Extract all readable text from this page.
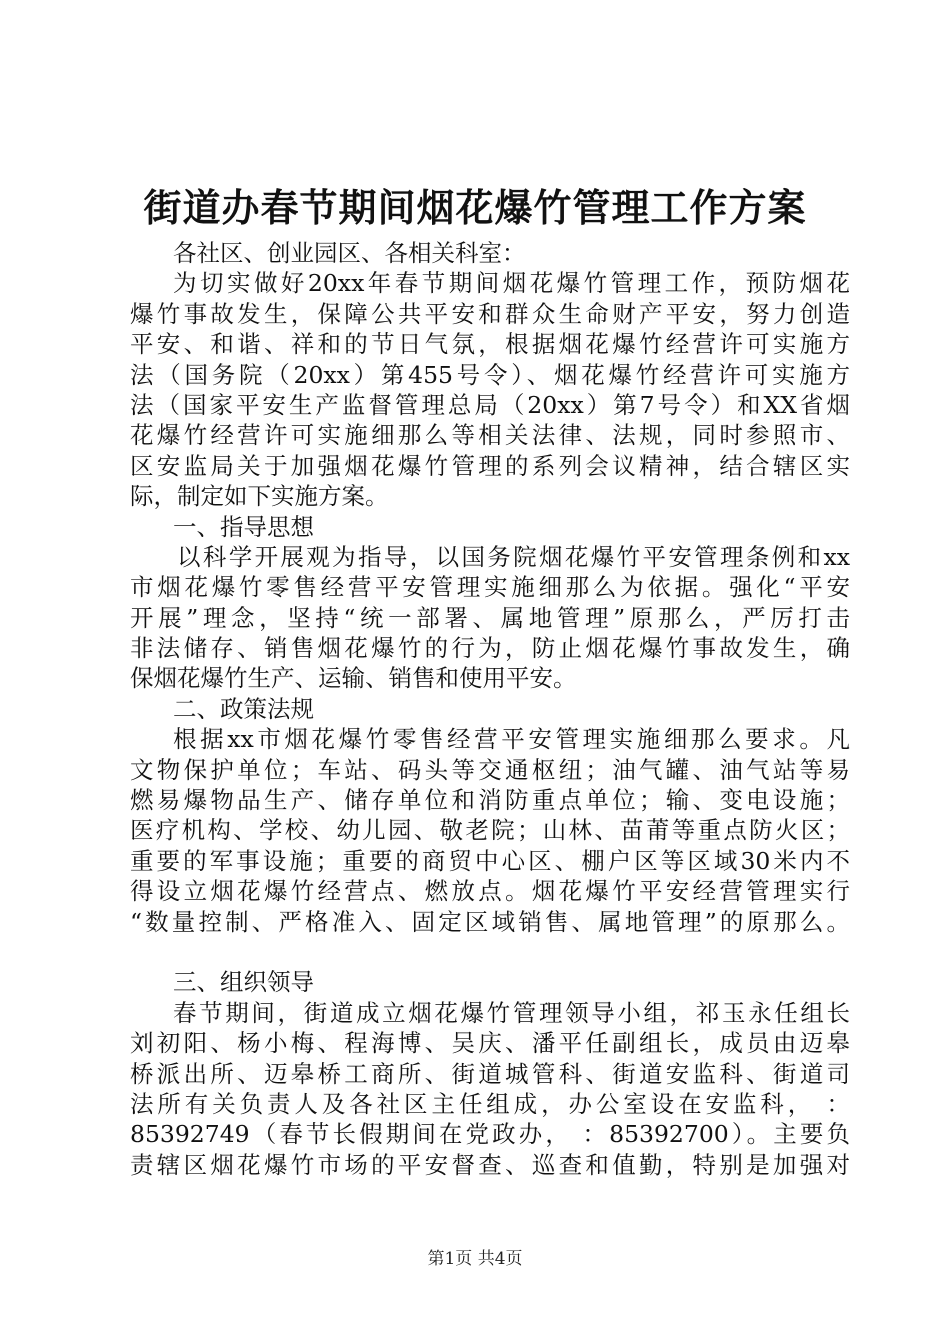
街道办春节期间烟花爆竹管理工作方案
各社区、创业园区、各相关科室：
为切实做好20xx年春节期间烟花爆竹管理工作，预防烟花
爆竹事故发生，保障公共平安和群众生命财产平安，努力创造
平安、和谐、祥和的节日气氛，根据烟花爆竹经营许可实施方
法（国务院（20xx）第455号令）、烟花爆竹经营许可实施方
法（国家平安生产监督管理总局（20xx）第7号令）和XX省烟
花爆竹经营许可实施细那么等相关法律、法规，同时参照市、
区安监局关于加强烟花爆竹管理的系列会议精神，结合辖区实
际，制定如下实施方案。
一、指导思想
以科学开展观为指导，以国务院烟花爆竹平安管理条例和xx
市烟花爆竹零售经营平安管理实施细那么为依据。强化“平安
开展”理念，坚持“统一部署、属地管理”原那么，严厉打击
非法储存、销售烟花爆竹的行为，防止烟花爆竹事故发生，确
保烟花爆竹生产、运输、销售和使用平安。
二、政策法规
根据xx市烟花爆竹零售经营平安管理实施细那么要求。凡
文物保护单位；车站、码头等交通枢纽；油气罐、油气站等易
燃易爆物品生产、储存单位和消防重点单位；输、变电设施；
医疗机构、学校、幼儿园、敬老院；山林、苗莆等重点防火区；
重要的军事设施；重要的商贸中心区、棚户区等区域30米内不
得设立烟花爆竹经营点、燃放点。烟花爆竹平安经营管理实行
“数量控制、严格准入、固定区域销售、属地管理”的原那么。
三、组织领导
春节期间，街道成立烟花爆竹管理领导小组，祁玉永任组长
刘初阳、杨小梅、程海博、吴庆、潘平任副组长，成员由迈皋
桥派出所、迈皋桥工商所、街道城管科、街道安监科、街道司
法所有关负责人及各社区主任组成，办公室设在安监科， ：
85392749（春节长假期间在党政办， ：85392700）。主要负
责辖区烟花爆竹市场的平安督查、巡查和值勤，特别是加强对
第1页 共4页
